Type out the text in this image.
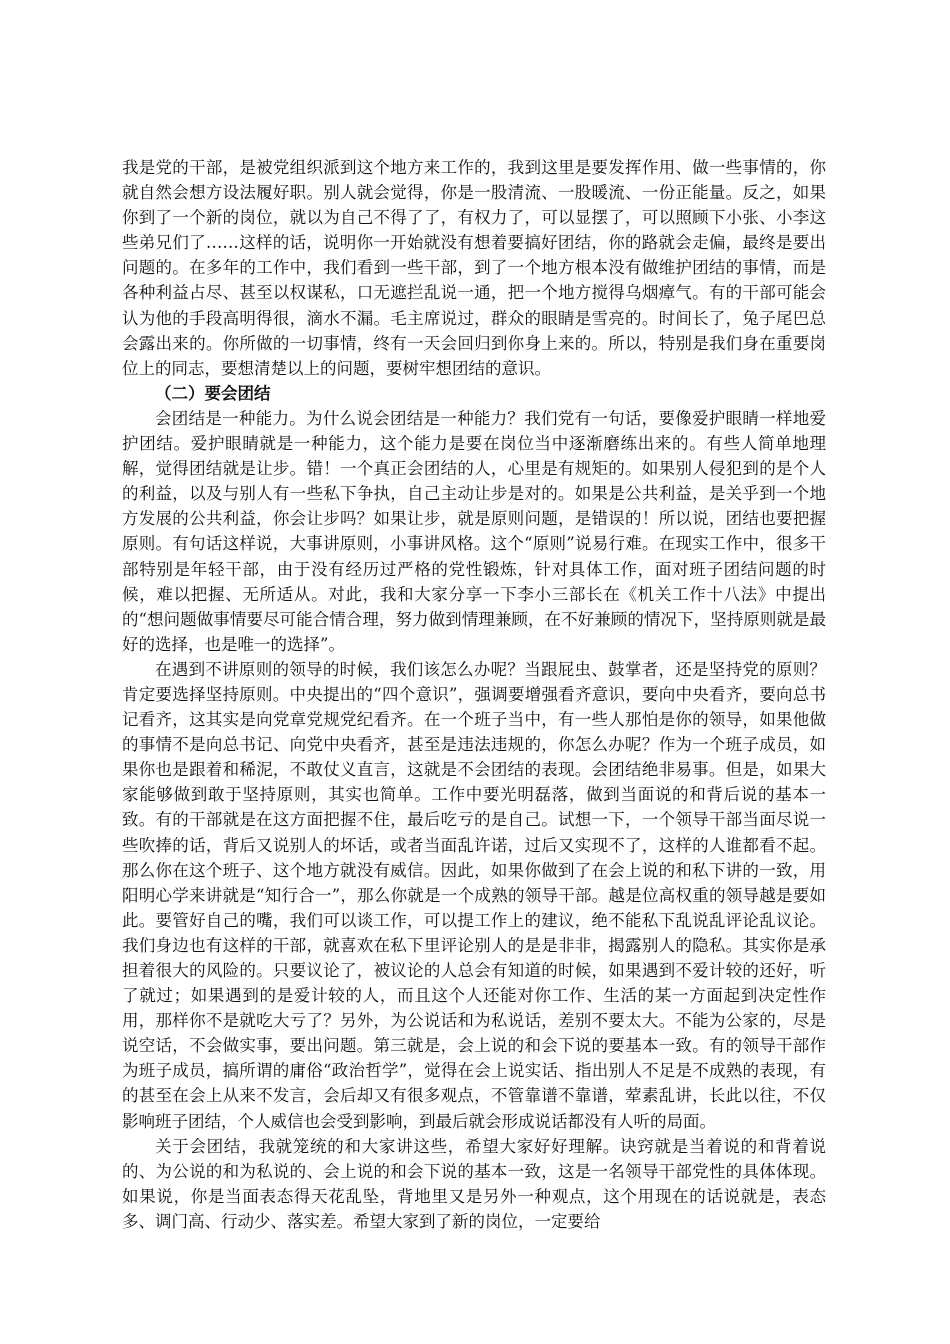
我是党的干部，是被党组织派到这个地方来工作的，我到这里是要发挥作用、做一些事情的，你就自然会想方设法履好职。别人就会觉得，你是一股清流、一股暖流、一份正能量。反之，如果你到了一个新的岗位，就以为自己不得了了，有权力了，可以显摆了，可以照顾下小张、小李这些弟兄们了……这样的话，说明你一开始就没有想着要搞好团结，你的路就会走偏，最终是要出问题的。在多年的工作中，我们看到一些干部，到了一个地方根本没有做维护团结的事情，而是各种利益占尽、甚至以权谋私，口无遮拦乱说一通，把一个地方搅得乌烟瘴气。有的干部可能会认为他的手段高明得很，滴水不漏。毛主席说过，群众的眼睛是雪亮的。时间长了，兔子尾巴总会露出来的。你所做的一切事情，终有一天会回归到你身上来的。所以，特别是我们身在重要岗位上的同志，要想清楚以上的问题，要树牢想团结的意识。

（二）要会团结

会团结是一种能力。为什么说会团结是一种能力？我们党有一句话，要像爱护眼睛一样地爱护团结。爱护眼睛就是一种能力，这个能力是要在岗位当中逐渐磨练出来的。有些人简单地理解，觉得团结就是让步。错！一个真正会团结的人，心里是有规矩的。如果别人侵犯到的是个人的利益，以及与别人有一些私下争执，自己主动让步是对的。如果是公共利益，是关乎到一个地方发展的公共利益，你会让步吗？如果让步，就是原则问题，是错误的！所以说，团结也要把握原则。有句话这样说，大事讲原则，小事讲风格。这个“原则”说易行难。在现实工作中，很多干部特别是年轻干部，由于没有经历过严格的党性锻炼，针对具体工作，面对班子团结问题的时候，难以把握、无所适从。对此，我和大家分享一下李小三部长在《机关工作十八法》中提出的“想问题做事情要尽可能合情合理，努力做到情理兼顾，在不好兼顾的情况下，坚持原则就是最好的选择，也是唯一的选择”。

在遇到不讲原则的领导的时候，我们该怎么办呢？当跟屁虫、鼓掌者，还是坚持党的原则？肯定要选择坚持原则。中央提出的“四个意识”，强调要增强看齐意识，要向中央看齐，要向总书记看齐，这其实是向党章党规党纪看齐。在一个班子当中，有一些人那怕是你的领导，如果他做的事情不是向总书记、向党中央看齐，甚至是违法违规的，你怎么办呢？作为一个班子成员，如果你也是跟着和稀泥，不敢仗义直言，这就是不会团结的表现。会团结绝非易事。但是，如果大家能够做到敢于坚持原则，其实也简单。工作中要光明磊落，做到当面说的和背后说的基本一致。有的干部就是在这方面把握不住，最后吃亏的是自己。试想一下，一个领导干部当面尽说一些吹捧的话，背后又说别人的坏话，或者当面乱许诺，过后又实现不了，这样的人谁都看不起。那么你在这个班子、这个地方就没有威信。因此，如果你做到了在会上说的和私下讲的一致，用阳明心学来讲就是“知行合一”，那么你就是一个成熟的领导干部。越是位高权重的领导越是要如此。要管好自己的嘴，我们可以谈工作，可以提工作上的建议，绝不能私下乱说乱评论乱议论。我们身边也有这样的干部，就喜欢在私下里评论别人的是是非非，揭露别人的隐私。其实你是承担着很大的风险的。只要议论了，被议论的人总会有知道的时候，如果遇到不爱计较的还好，听了就过；如果遇到的是爱计较的人，而且这个人还能对你工作、生活的某一方面起到决定性作用，那样你不是就吃大亏了？另外，为公说话和为私说话，差别不要太大。不能为公家的，尽是说空话，不会做实事，要出问题。第三就是，会上说的和会下说的要基本一致。有的领导干部作为班子成员，搞所谓的庸俗“政治哲学”，觉得在会上说实话、指出别人不足是不成熟的表现，有的甚至在会上从来不发言，会后却又有很多观点，不管靠谱不靠谱，荤素乱讲，长此以往，不仅影响班子团结，个人威信也会受到影响，到最后就会形成说话都没有人听的局面。

关于会团结，我就笼统的和大家讲这些，希望大家好好理解。诀窍就是当着说的和背着说的、为公说的和为私说的、会上说的和会下说的基本一致，这是一名领导干部党性的具体体现。如果说，你是当面表态得天花乱坠，背地里又是另外一种观点，这个用现在的话说就是，表态多、调门高、行动少、落实差。希望大家到了新的岗位，一定要给
